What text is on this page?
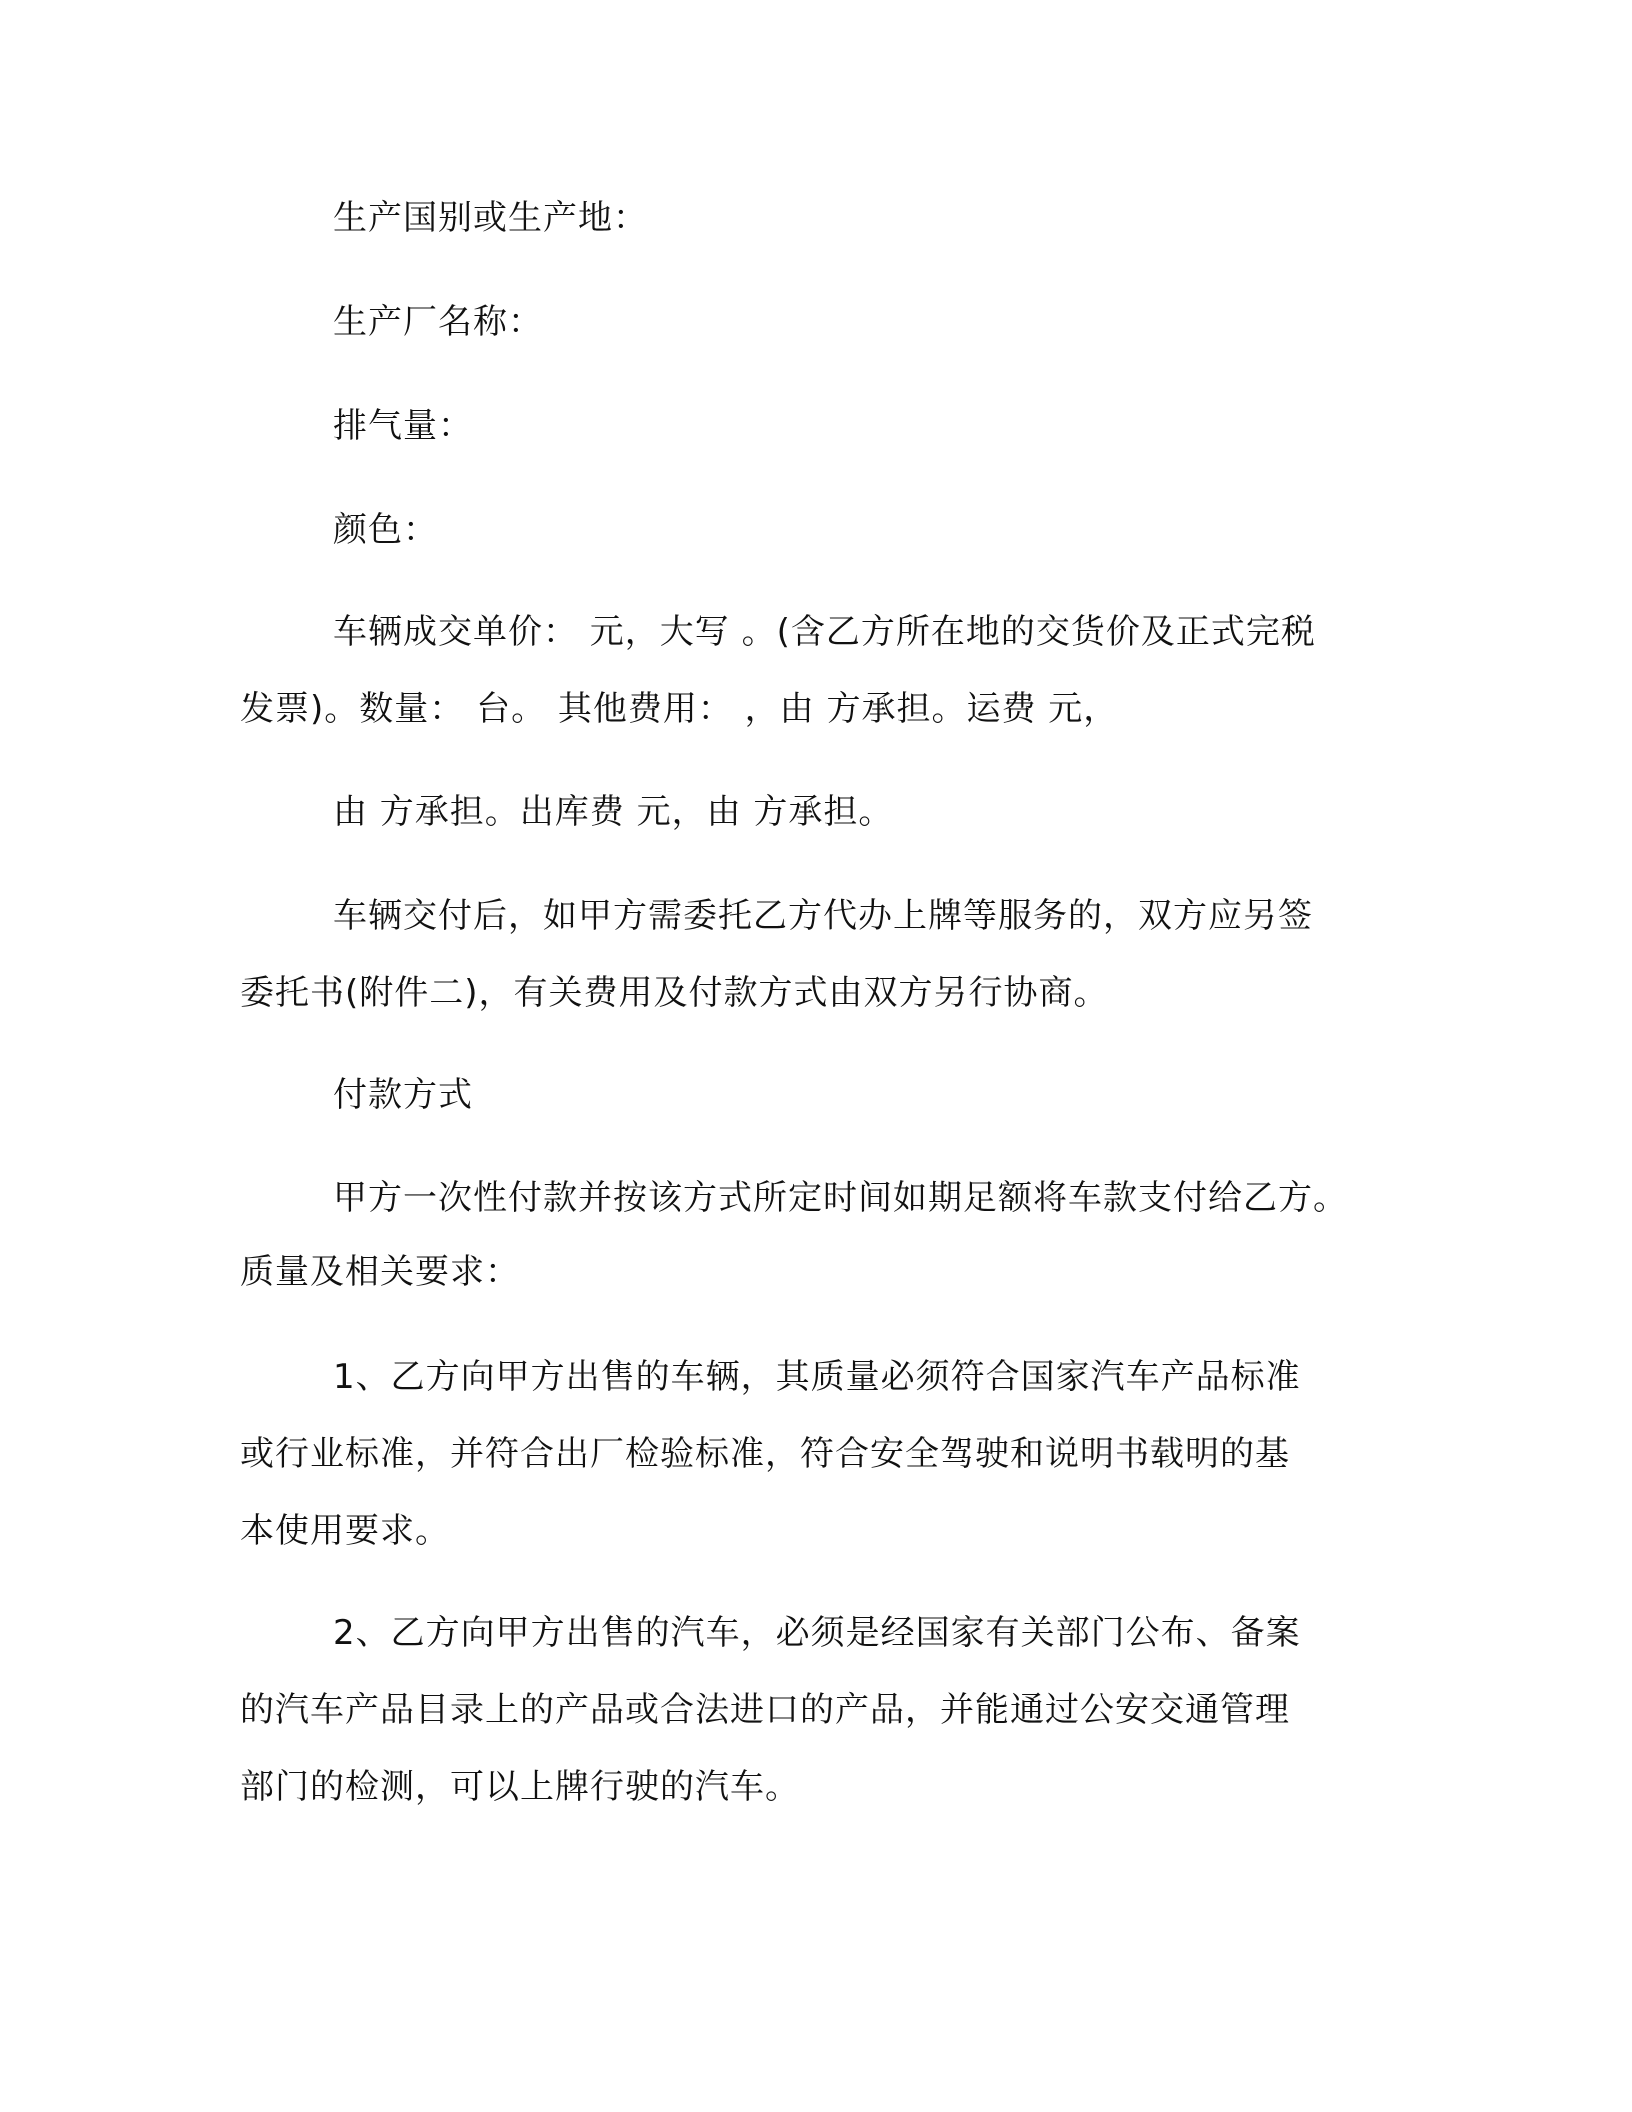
生产国别或生产地：
生产厂名称：
排气量：
颜色：
车辆成交单价： 元，大写 。(含乙方所在地的交货价及正式完税
发票)。数量： 台。 其他费用： ，由 方承担。运费 元，
由 方承担。出库费 元，由 方承担。
车辆交付后，如甲方需委托乙方代办上牌等服务的，双方应另签
委托书(附件二)，有关费用及付款方式由双方另行协商。
付款方式
甲方一次性付款并按该方式所定时间如期足额将车款支付给乙方。
质量及相关要求：
1、乙方向甲方出售的车辆，其质量必须符合国家汽车产品标准
或行业标准，并符合出厂检验标准，符合安全驾驶和说明书载明的基
本使用要求。
2、乙方向甲方出售的汽车，必须是经国家有关部门公布、备案
的汽车产品目录上的产品或合法进口的产品，并能通过公安交通管理
部门的检测，可以上牌行驶的汽车。
